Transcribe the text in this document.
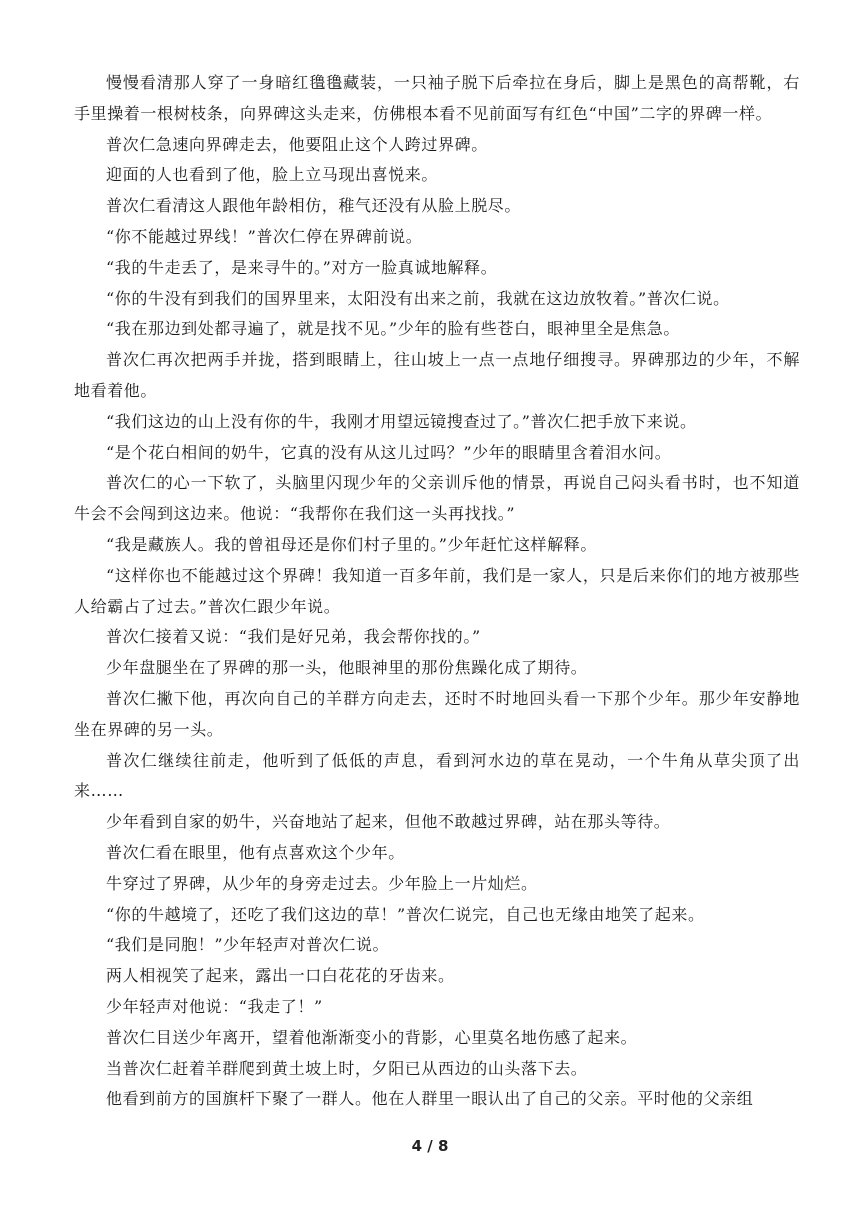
慢慢看清那人穿了一身暗红氇氇藏装，一只袖子脱下后牵拉在身后，脚上是黑色的高帮靴，右手里操着一根树枝条，向界碑这头走来，仿佛根本看不见前面写有红色“中国”二字的界碑一样。

普次仁急速向界碑走去，他要阻止这个人跨过界碑。

迎面的人也看到了他，脸上立马现出喜悦来。

普次仁看清这人跟他年龄相仿，稚气还没有从脸上脱尽。

“你不能越过界线！”普次仁停在界碑前说。

“我的牛走丢了，是来寻牛的。”对方一脸真诚地解释。

“你的牛没有到我们的国界里来，太阳没有出来之前，我就在这边放牧着。”普次仁说。

“我在那边到处都寻遍了，就是找不见。”少年的脸有些苍白，眼神里全是焦急。

普次仁再次把两手并拢，搭到眼睛上，往山坡上一点一点地仔细搜寻。界碑那边的少年，不解地看着他。

“我们这边的山上没有你的牛，我刚才用望远镜搜查过了。”普次仁把手放下来说。

“是个花白相间的奶牛，它真的没有从这儿过吗？”少年的眼睛里含着泪水问。

普次仁的心一下软了，头脑里闪现少年的父亲训斥他的情景，再说自己闷头看书时，也不知道牛会不会闯到这边来。他说：“我帮你在我们这一头再找找。”

“我是藏族人。我的曾祖母还是你们村子里的。”少年赶忙这样解释。

“这样你也不能越过这个界碑！我知道一百多年前，我们是一家人，只是后来你们的地方被那些人给霸占了过去。”普次仁跟少年说。

普次仁接着又说：“我们是好兄弟，我会帮你找的。”

少年盘腿坐在了界碑的那一头，他眼神里的那份焦躁化成了期待。

普次仁撇下他，再次向自己的羊群方向走去，还时不时地回头看一下那个少年。那少年安静地坐在界碑的另一头。

普次仁继续往前走，他听到了低低的声息，看到河水边的草在晃动，一个牛角从草尖顶了出来……

少年看到自家的奶牛，兴奋地站了起来，但他不敢越过界碑，站在那头等待。

普次仁看在眼里，他有点喜欢这个少年。

牛穿过了界碑，从少年的身旁走过去。少年脸上一片灿烂。

“你的牛越境了，还吃了我们这边的草！”普次仁说完，自己也无缘由地笑了起来。

“我们是同胞！”少年轻声对普次仁说。

两人相视笑了起来，露出一口白花花的牙齿来。

少年轻声对他说：“我走了！”

普次仁目送少年离开，望着他渐渐变小的背影，心里莫名地伤感了起来。

当普次仁赶着羊群爬到黄土坡上时，夕阳已从西边的山头落下去。

他看到前方的国旗杆下聚了一群人。他在人群里一眼认出了自己的父亲。平时他的父亲组

4 / 8
